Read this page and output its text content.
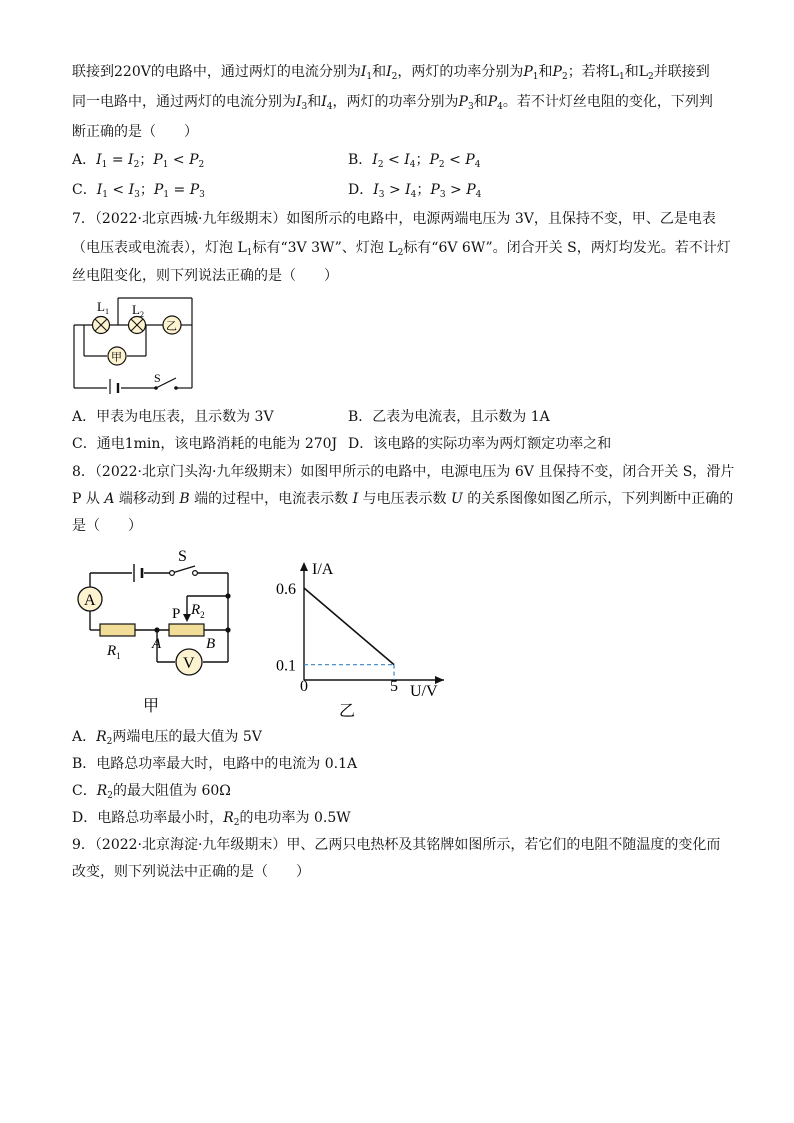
联接到220V的电路中，通过两灯的电流分别为$I_1$和$I_2$，两灯的功率分别为$P_1$和$P_2$；若将$L_1$和$L_2$并联接到
同一电路中，通过两灯的电流分别为$I_3$和$I_4$，两灯的功率分别为$P_3$和$P_4$。若不计灯丝电阻的变化，下列判
断正确的是（　　）
A．$I_1 = I_2$；$P_1 < P_2$	B．$I_2 < I_4$；$P_2 < P_4$
C．$I_1 < I_3$；$P_1 = P_3$	D．$I_3 > I_4$；$P_3 > P_4$
7．（2022·北京西城·九年级期末）如图所示的电路中，电源两端电压为 3V，且保持不变，甲、乙是电表
（电压表或电流表），灯泡 $L_1$标有“3V 3W”、灯泡 $L_2$标有“6V 6W”。闭合开关 S，两灯均发光。若不计灯
丝电阻变化，则下列说法正确的是（　　）
乙
甲
$L_1$ $L_2$
S
A．甲表为电压表，且示数为 3V	B．乙表为电流表，且示数为 1A
C．通电1min，该电路消耗的电能为 270J D．该电路的实际功率为两灯额定功率之和
8．（2022·北京门头沟·九年级期末）如图甲所示的电路中，电源电压为 6V 且保持不变，闭合开关 S，滑片
P 从 A 端移动到 B 端的过程中，电流表示数 I 与电压表示数 U 的关系图像如图乙所示，下列判断中正确的
是（　　）
A
V
S
P $R_2$
$R_1$
A	B
甲
I/A
U/V
0.6
0.1
0	5
乙
A．$R_2$两端电压的最大值为 5V
B．电路总功率最大时，电路中的电流为 0.1A
C．$R_2$的最大阻值为 60Ω
D．电路总功率最小时，$R_2$的电功率为 0.5W
9．（2022·北京海淀·九年级期末）甲、乙两只电热杯及其铭牌如图所示，若它们的电阻不随温度的变化而
改变，则下列说法中正确的是（　　）
